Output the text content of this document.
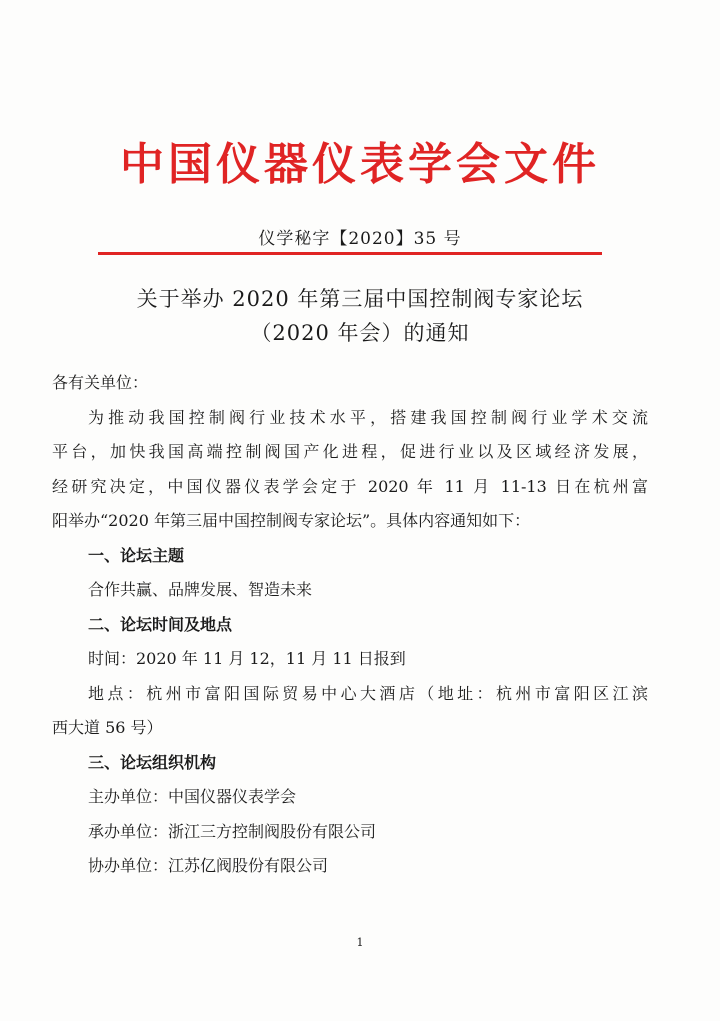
中国仪器仪表学会文件
仪学秘字【2020】35 号
关于举办 2020 年第三届中国控制阀专家论坛
（2020 年会）的通知
各有关单位：
为推动我国控制阀行业技术水平，搭建我国控制阀行业学术交流
平台，加快我国高端控制阀国产化进程，促进行业以及区域经济发展，
经研究决定，中国仪器仪表学会定于 2020 年 11 月 11-13 日在杭州富
阳举办“2020 年第三届中国控制阀专家论坛”。具体内容通知如下：
一、论坛主题
合作共赢、品牌发展、智造未来
二、论坛时间及地点
时间：2020 年 11 月 12，11 月 11 日报到
地点：杭州市富阳国际贸易中心大酒店（地址：杭州市富阳区江滨
西大道 56 号）
三、论坛组织机构
主办单位：中国仪器仪表学会
承办单位：浙江三方控制阀股份有限公司
协办单位：江苏亿阀股份有限公司
1
